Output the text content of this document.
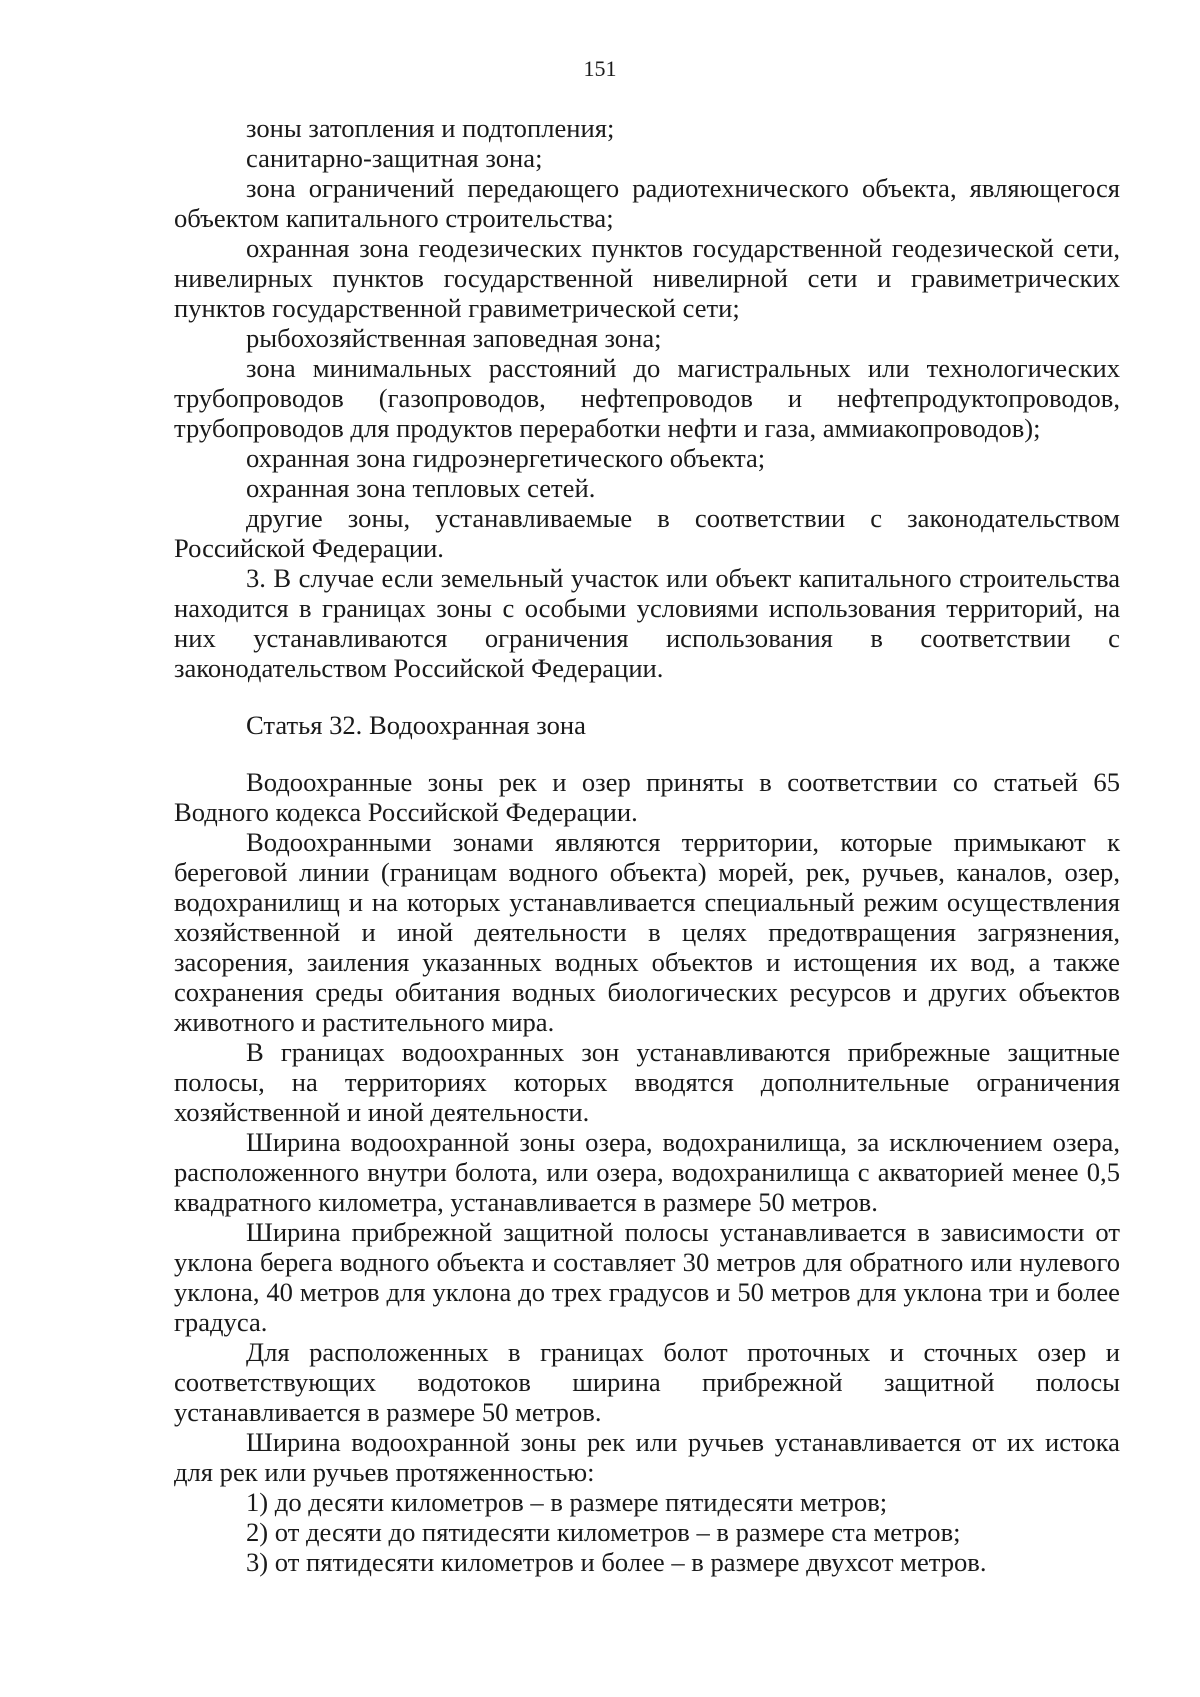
151

зоны затопления и подтопления;

санитарно-защитная зона;

зона ограничений передающего радиотехнического объекта, являющегося объектом капитального строительства;

охранная зона геодезических пунктов государственной геодезической сети, нивелирных пунктов государственной нивелирной сети и гравиметрических пунктов государственной гравиметрической сети;

рыбохозяйственная заповедная зона;

зона минимальных расстояний до магистральных или технологических трубопроводов (газопроводов, нефтепроводов и нефтепродуктопроводов, трубопроводов для продуктов переработки нефти и газа, аммиакопроводов);

охранная зона гидроэнергетического объекта;

охранная зона тепловых сетей.

другие зоны, устанавливаемые в соответствии с законодательством Российской Федерации.

3. В случае если земельный участок или объект капитального строительства находится в границах зоны с особыми условиями использования территорий, на них устанавливаются ограничения использования в соответствии с законодательством Российской Федерации.

Статья 32. Водоохранная зона

Водоохранные зоны рек и озер приняты в соответствии со статьей 65 Водного кодекса Российской Федерации.

Водоохранными зонами являются территории, которые примыкают к береговой линии (границам водного объекта) морей, рек, ручьев, каналов, озер, водохранилищ и на которых устанавливается специальный режим осуществления хозяйственной и иной деятельности в целях предотвращения загрязнения, засорения, заиления указанных водных объектов и истощения их вод, а также сохранения среды обитания водных биологических ресурсов и других объектов животного и растительного мира.

В границах водоохранных зон устанавливаются прибрежные защитные полосы, на территориях которых вводятся дополнительные ограничения хозяйственной и иной деятельности.

Ширина водоохранной зоны озера, водохранилища, за исключением озера, расположенного внутри болота, или озера, водохранилища с акваторией менее 0,5 квадратного километра, устанавливается в размере 50 метров.

Ширина прибрежной защитной полосы устанавливается в зависимости от уклона берега водного объекта и составляет 30 метров для обратного или нулевого уклона, 40 метров для уклона до трех градусов и 50 метров для уклона три и более градуса.

Для расположенных в границах болот проточных и сточных озер и соответствующих водотоков ширина прибрежной защитной полосы устанавливается в размере 50 метров.

Ширина водоохранной зоны рек или ручьев устанавливается от их истока для рек или ручьев протяженностью:

1) до десяти километров – в размере пятидесяти метров;

2) от десяти до пятидесяти километров – в размере ста метров;

3) от пятидесяти километров и более – в размере двухсот метров.
